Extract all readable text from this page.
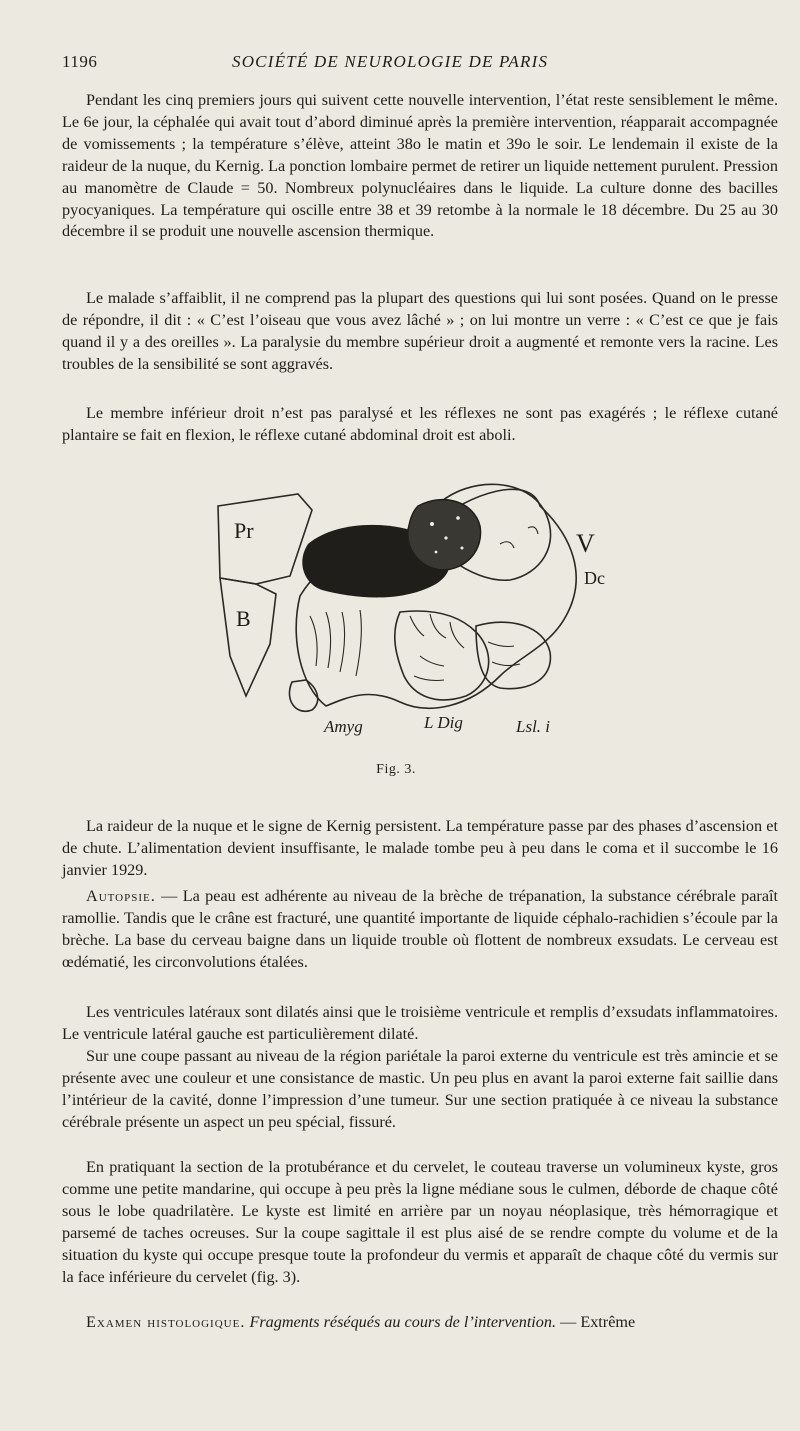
1196	SOCIÉTÉ DE NEUROLOGIE DE PARIS

Pendant les cinq premiers jours qui suivent cette nouvelle intervention, l’état reste sensiblement le même. Le 6e jour, la céphalée qui avait tout d’abord diminué après la première intervention, réapparait accompagnée de vomissements ; la température s’élève, atteint 38o le matin et 39o le soir. Le lendemain il existe de la raideur de la nuque, du Kernig. La ponction lombaire permet de retirer un liquide nettement purulent. Pression au manomètre de Claude = 50. Nombreux polynucléaires dans le liquide. La culture donne des bacilles pyocyaniques. La température qui oscille entre 38 et 39 retombe à la normale le 18 décembre. Du 25 au 30 décembre il se produit une nouvelle ascension thermique.

Le malade s’affaiblit, il ne comprend pas la plupart des questions qui lui sont posées. Quand on le presse de répondre, il dit : « C’est l’oiseau que vous avez lâché » ; on lui montre un verre : « C’est ce que je fais quand il y a des oreilles ». La paralysie du membre supérieur droit a augmenté et remonte vers la racine. Les troubles de la sensibilité se sont aggravés.

Le membre inférieur droit n’est pas paralysé et les réflexes ne sont pas exagérés ; le réflexe cutané plantaire se fait en flexion, le réflexe cutané abdominal droit est aboli.

Pr
B
V
Dc
Amyg	L Dig	Lsl. i
Fig. 3.

La raideur de la nuque et le signe de Kernig persistent. La température passe par des phases d’ascension et de chute. L’alimentation devient insuffisante, le malade tombe peu à peu dans le coma et il succombe le 16 janvier 1929.

Autopsie. — La peau est adhérente au niveau de la brèche de trépanation, la substance cérébrale paraît ramollie. Tandis que le crâne est fracturé, une quantité importante de liquide céphalo-rachidien s’écoule par la brèche. La base du cerveau baigne dans un liquide trouble où flottent de nombreux exsudats. Le cerveau est œdématié, les circonvolutions étalées.

Les ventricules latéraux sont dilatés ainsi que le troisième ventricule et remplis d’exsudats inflammatoires. Le ventricule latéral gauche est particulièrement dilaté.

Sur une coupe passant au niveau de la région pariétale la paroi externe du ventricule est très amincie et se présente avec une couleur et une consistance de mastic. Un peu plus en avant la paroi externe fait saillie dans l’intérieur de la cavité, donne l’impression d’une tumeur. Sur une section pratiquée à ce niveau la substance cérébrale présente un aspect un peu spécial, fissuré.

En pratiquant la section de la protubérance et du cervelet, le couteau traverse un volumineux kyste, gros comme une petite mandarine, qui occupe à peu près la ligne médiane sous le culmen, déborde de chaque côté sous le lobe quadrilatère. Le kyste est limité en arrière par un noyau néoplasique, très hémorragique et parsemé de taches ocreuses. Sur la coupe sagittale il est plus aisé de se rendre compte du volume et de la situation du kyste qui occupe presque toute la profondeur du vermis et apparaît de chaque côté du vermis sur la face inférieure du cervelet (fig. 3).

Examen histologique. Fragments réséqués au cours de l’intervention. — Extrême
